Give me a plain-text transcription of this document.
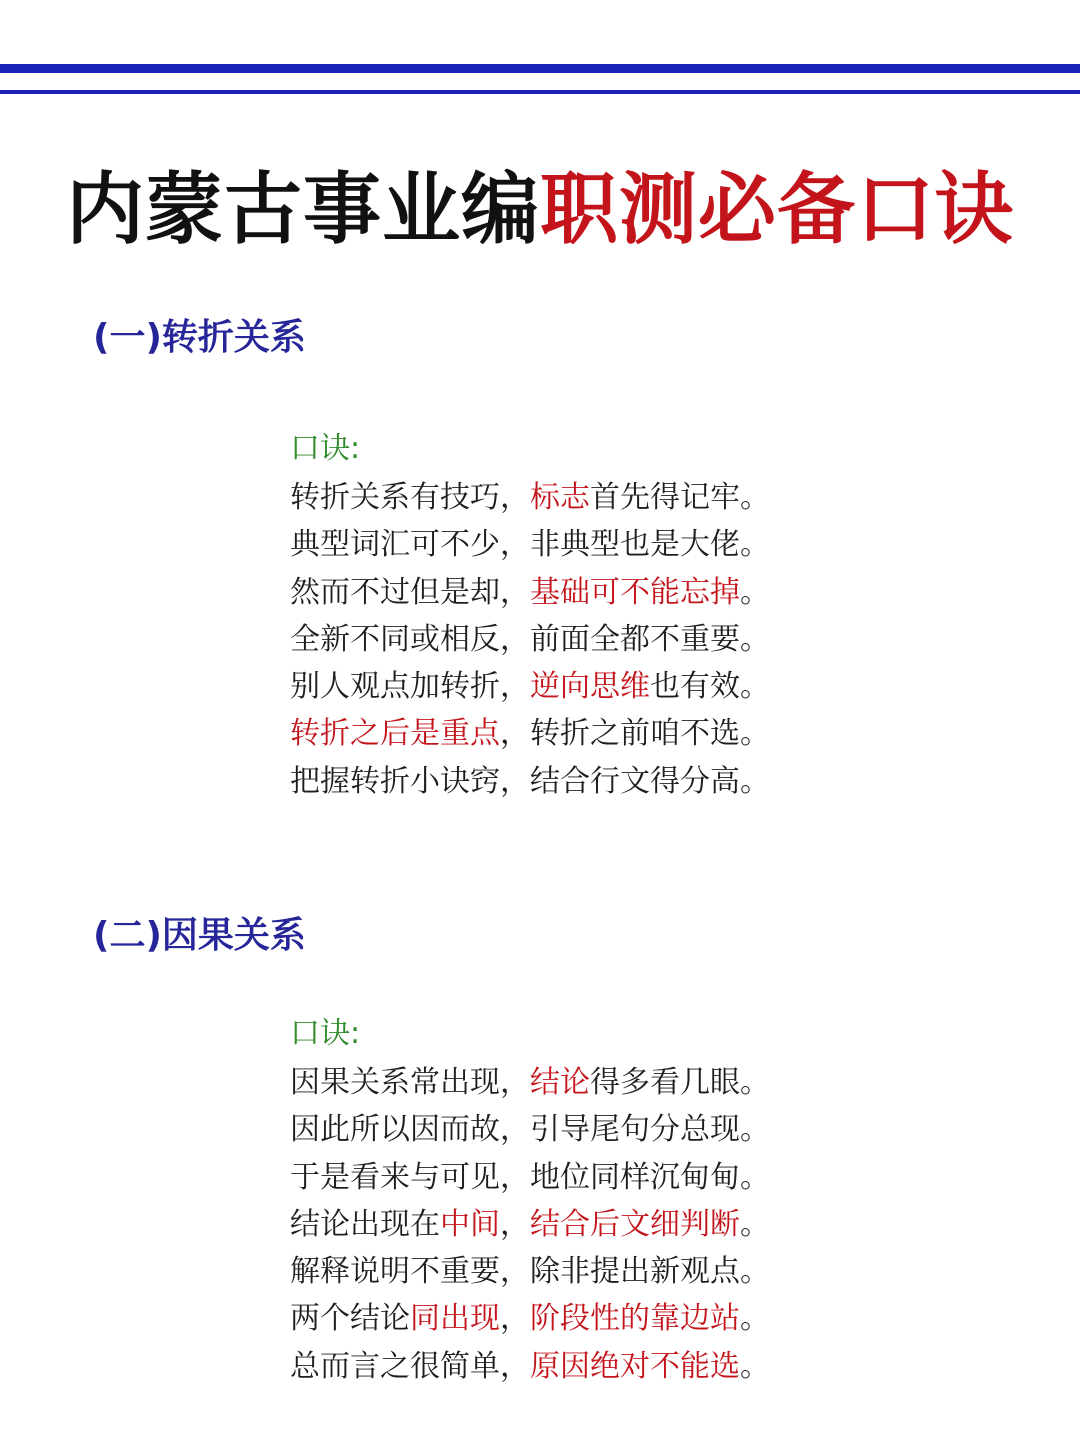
内蒙古事业编职测必备口诀
(一)转折关系
口诀:
转折关系有技巧，标志首先得记牢。
典型词汇可不少，非典型也是大佬。
然而不过但是却，基础可不能忘掉。
全新不同或相反，前面全都不重要。
别人观点加转折，逆向思维也有效。
转折之后是重点，转折之前咱不选。
把握转折小诀窍，结合行文得分高。
(二)因果关系
口诀:
因果关系常出现，结论得多看几眼。
因此所以因而故，引导尾句分总现。
于是看来与可见，地位同样沉甸甸。
结论出现在中间，结合后文细判断。
解释说明不重要，除非提出新观点。
两个结论同出现，阶段性的靠边站。
总而言之很简单，原因绝对不能选。
